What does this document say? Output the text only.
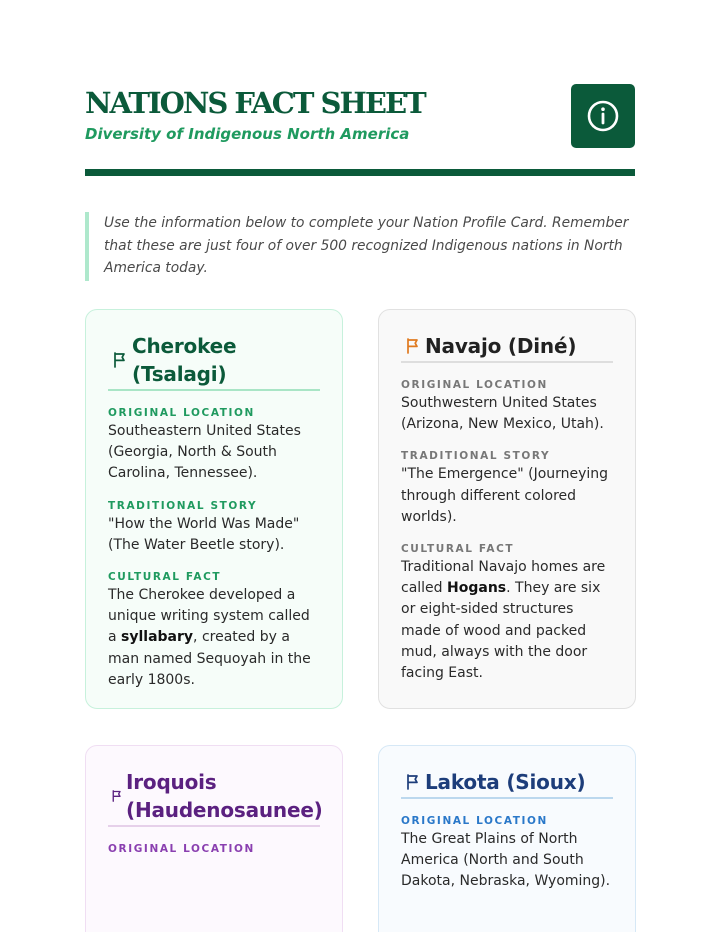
NATIONS FACT SHEET
Diversity of Indigenous North America
Use the information below to complete your Nation Profile Card. Remember that these are just four of over 500 recognized Indigenous nations in North America today.
Cherokee (Tsalagi)
ORIGINAL LOCATION
Southeastern United States (Georgia, North & South Carolina, Tennessee).
TRADITIONAL STORY
"How the World Was Made" (The Water Beetle story).
CULTURAL FACT
The Cherokee developed a unique writing system called a syllabary, created by a man named Sequoyah in the early 1800s.
Navajo (Diné)
ORIGINAL LOCATION
Southwestern United States (Arizona, New Mexico, Utah).
TRADITIONAL STORY
"The Emergence" (Journeying through different colored worlds).
CULTURAL FACT
Traditional Navajo homes are called Hogans. They are six or eight-sided structures made of wood and packed mud, always with the door facing East.
Iroquois (Haudenosaunee)
ORIGINAL LOCATION
Lakota (Sioux)
ORIGINAL LOCATION
The Great Plains of North America (North and South Dakota, Nebraska, Wyoming).
